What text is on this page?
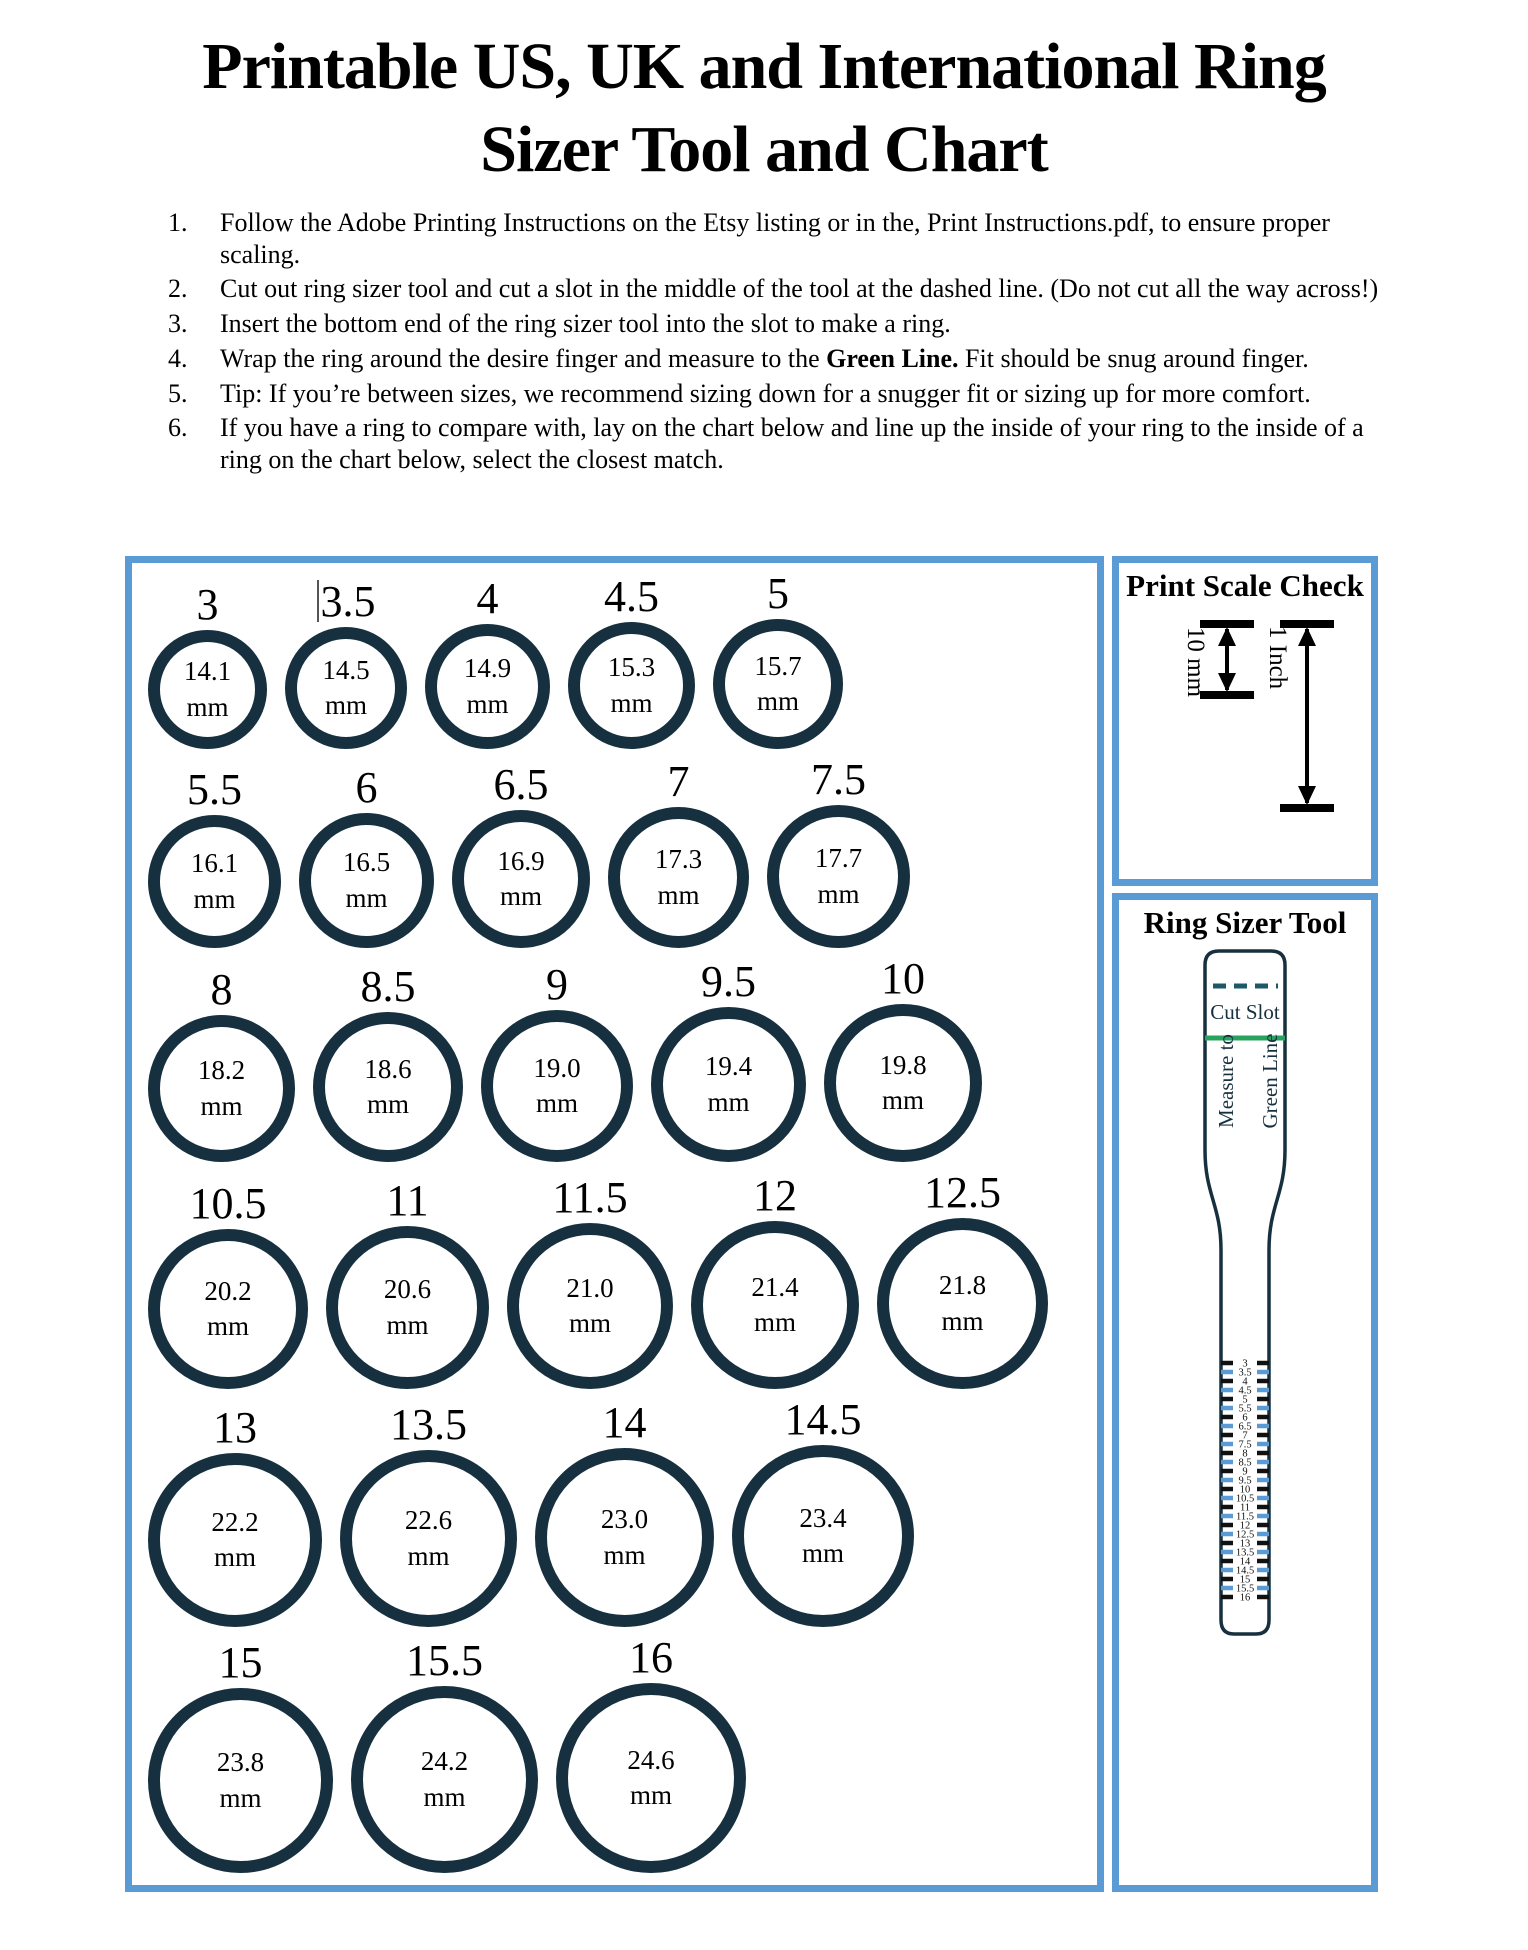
Printable US, UK and International Ring
Sizer Tool and Chart
1.	Follow the Adobe Printing Instructions on the Etsy listing or in the, Print Instructions.pdf, to ensure proper scaling.
2.	Cut out ring sizer tool and cut a slot in the middle of the tool at the dashed line. (Do not cut all the way across!)
3.	Insert the bottom end of the ring sizer tool into the slot to make a ring.
4.	Wrap the ring around the desire finger and measure to the Green Line. Fit should be snug around finger.
5.	Tip: If you’re between sizes, we recommend sizing down for a snugger fit or sizing up for more comfort.
6.	If you have a ring to compare with, lay on the chart below and line up the inside of your ring to the inside of a ring on the chart below, select the closest match.
3
14.1
mm
3.5
14.5
mm
4
14.9
mm
4.5
15.3
mm
5
15.7
mm
5.5
16.1
mm
6
16.5
mm
6.5
16.9
mm
7
17.3
mm
7.5
17.7
mm
8
18.2
mm
8.5
18.6
mm
9
19.0
mm
9.5
19.4
mm
10
19.8
mm
10.5
20.2
mm
11
20.6
mm
11.5
21.0
mm
12
21.4
mm
12.5
21.8
mm
13
22.2
mm
13.5
22.6
mm
14
23.0
mm
14.5
23.4
mm
15
23.8
mm
15.5
24.2
mm
16
24.6
mm
Print Scale Check
10 mm 1 Inch
Ring Sizer Tool
Cut Slot
Measure to Green Line
3
3.5
4
4.5
5
5.5
6
6.5
7
7.5
8
8.5
9
9.5
10
10.5
11
11.5
12
12.5
13
13.5
14
14.5
15
15.5
16
